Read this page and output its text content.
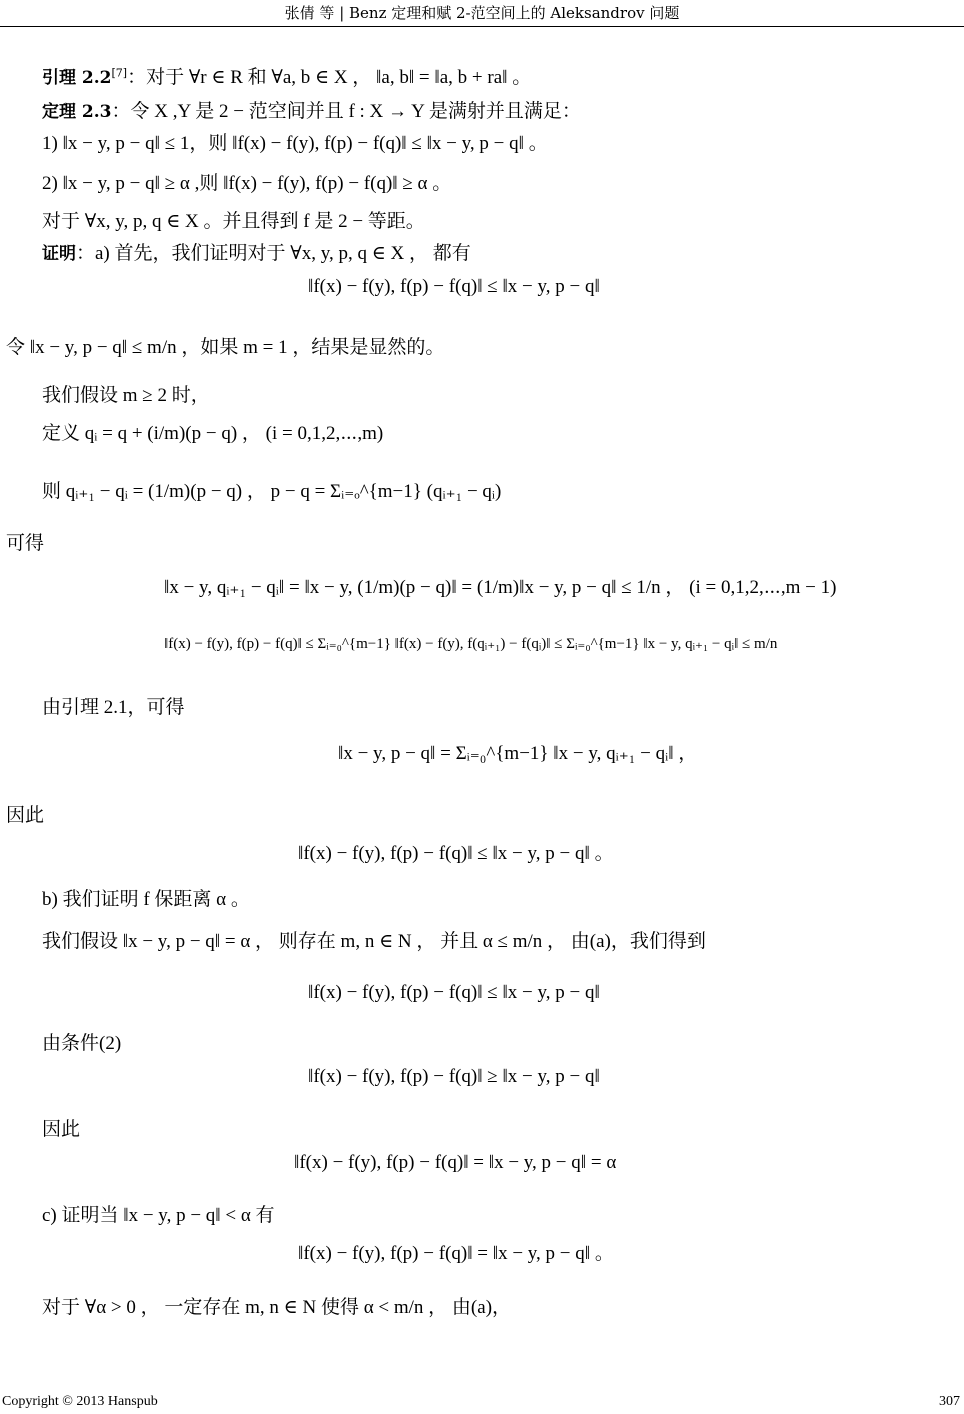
张倩 等 | Benz 定理和赋 2-范空间上的 Aleksandrov 问题
引理 2.2[7]：对于 ∀r ∈ R 和 ∀a, b ∈ X ， ‖a, b‖ = ‖a, b + ra‖ 。
定理 2.3：令 X ,Y 是 2 − 范空间并且 f : X → Y 是满射并且满足：
1) ‖x − y, p − q‖ ≤ 1，则 ‖f(x) − f(y), f(p) − f(q)‖ ≤ ‖x − y, p − q‖ 。
2) ‖x − y, p − q‖ ≥ α ,则 ‖f(x) − f(y), f(p) − f(q)‖ ≥ α 。
对于 ∀x, y, p, q ∈ X 。并且得到 f 是 2 − 等距。
证明：a) 首先，我们证明对于 ∀x, y, p, q ∈ X ， 都有
‖f(x) − f(y), f(p) − f(q)‖ ≤ ‖x − y, p − q‖
令 ‖x − y, p − q‖ ≤ m/n ，如果 m = 1 ，结果是显然的。
我们假设 m ≥ 2 时，
定义 qᵢ = q + (i/m)(p − q) ， (i = 0,1,2,⋯,m)
则 qᵢ₊₁ − qᵢ = (1/m)(p − q) ， p − q = Σᵢ₌ₒ^{m−1} (qᵢ₊₁ − qᵢ)
可得
‖x − y, qᵢ₊₁ − qᵢ‖ = ‖x − y, (1/m)(p − q)‖ = (1/m)‖x − y, p − q‖ ≤ 1/n ， (i = 0,1,2,⋯,m − 1)
‖f(x) − f(y), f(p) − f(q)‖ ≤ Σᵢ₌₀^{m−1} ‖f(x) − f(y), f(qᵢ₊₁) − f(qᵢ)‖ ≤ Σᵢ₌₀^{m−1} ‖x − y, qᵢ₊₁ − qᵢ‖ ≤ m/n
由引理 2.1，可得
‖x − y, p − q‖ = Σᵢ₌₀^{m−1} ‖x − y, qᵢ₊₁ − qᵢ‖ ，
因此
‖f(x) − f(y), f(p) − f(q)‖ ≤ ‖x − y, p − q‖ 。
b) 我们证明 f 保距离 α 。
我们假设 ‖x − y, p − q‖ = α ， 则存在 m, n ∈ N ， 并且 α ≤ m/n ， 由(a)，我们得到
‖f(x) − f(y), f(p) − f(q)‖ ≤ ‖x − y, p − q‖
由条件(2)
‖f(x) − f(y), f(p) − f(q)‖ ≥ ‖x − y, p − q‖
因此
‖f(x) − f(y), f(p) − f(q)‖ = ‖x − y, p − q‖ = α
c) 证明当 ‖x − y, p − q‖ < α 有
‖f(x) − f(y), f(p) − f(q)‖ = ‖x − y, p − q‖ 。
对于 ∀α > 0 ， 一定存在 m, n ∈ N 使得 α < m/n ， 由(a)，
Copyright © 2013 Hanspub	307
